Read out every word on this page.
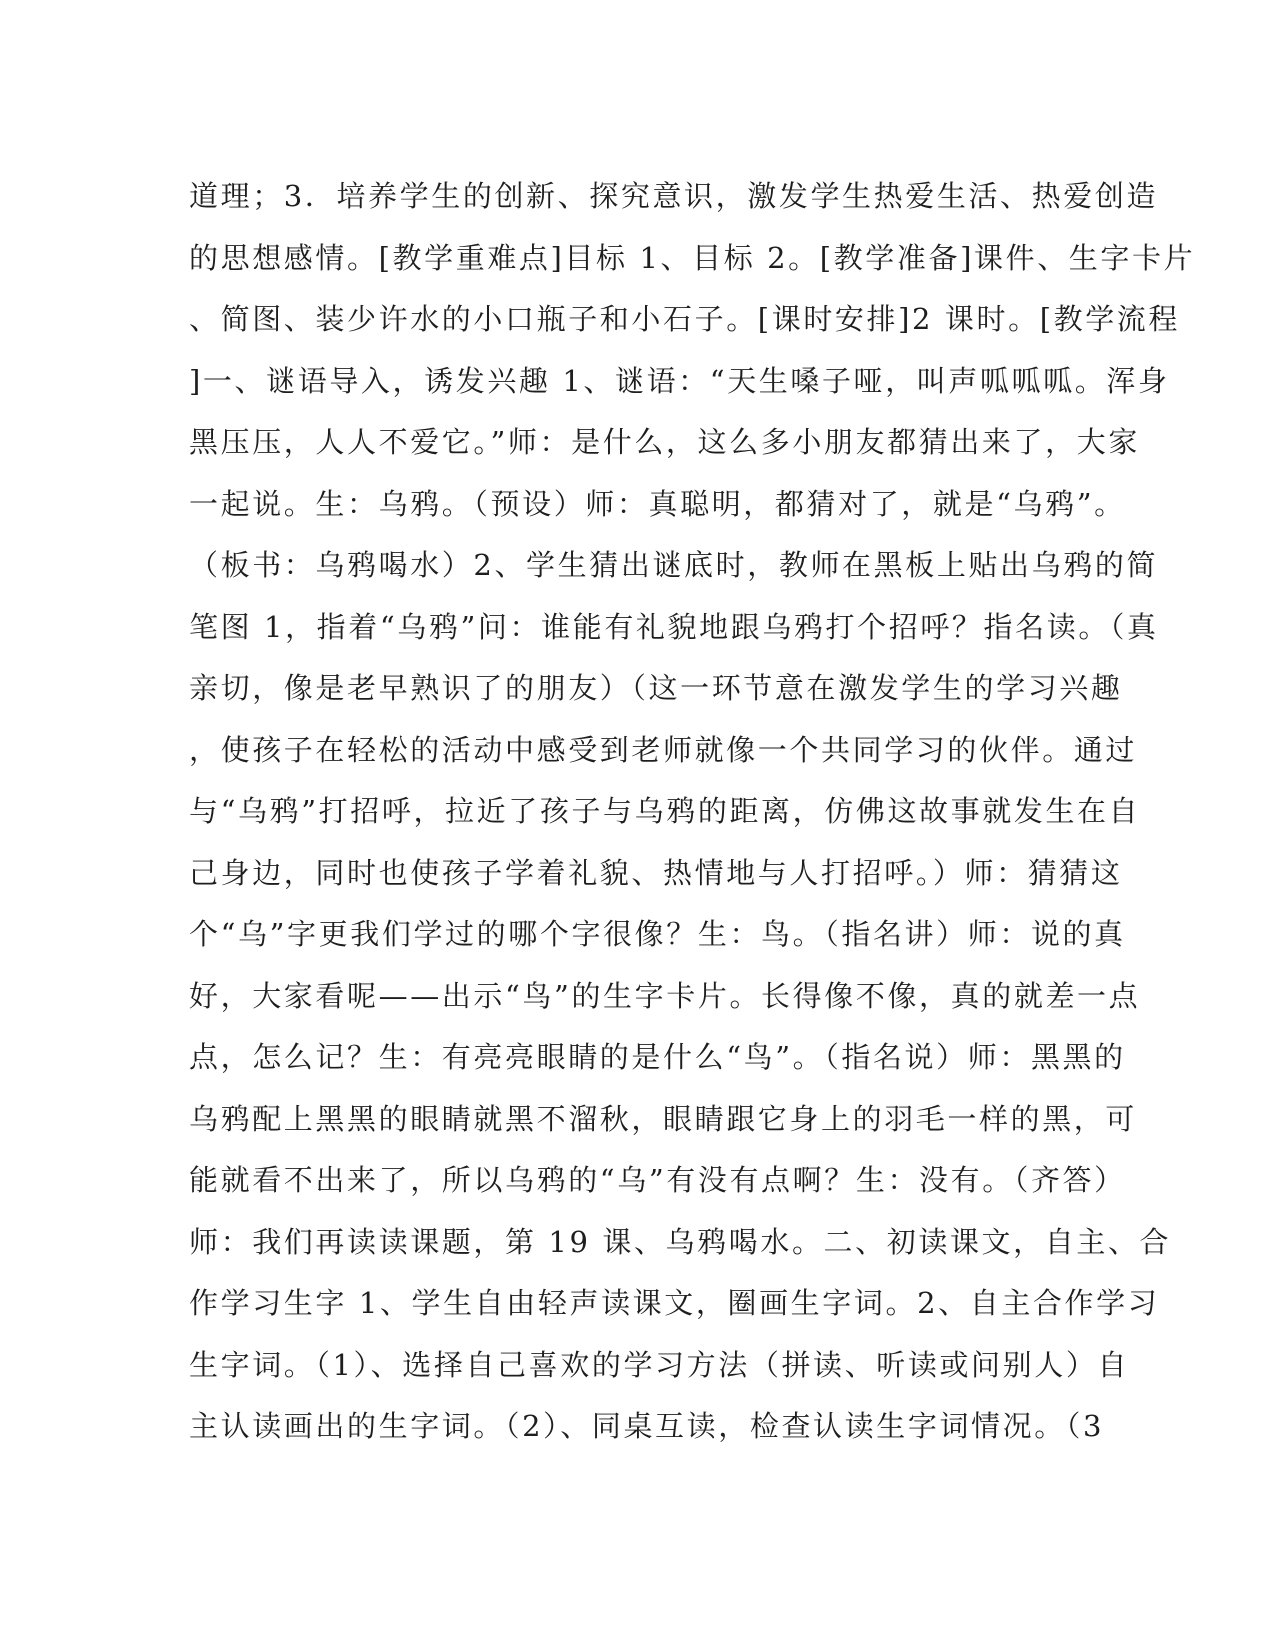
道理；3．培养学生的创新、探究意识，激发学生热爱生活、热爱创造
的思想感情。[教学重难点]目标 1、目标 2。[教学准备]课件、生字卡片
、简图、装少许水的小口瓶子和小石子。[课时安排]2 课时。[教学流程
]一、谜语导入，诱发兴趣 1、谜语：“天生嗓子哑，叫声呱呱呱。浑身
黑压压，人人不爱它。”师：是什么，这么多小朋友都猜出来了，大家
一起说。生：乌鸦。（预设）师：真聪明，都猜对了，就是“乌鸦”。
（板书：乌鸦喝水）2、学生猜出谜底时，教师在黑板上贴出乌鸦的简
笔图 1，指着“乌鸦”问：谁能有礼貌地跟乌鸦打个招呼？指名读。（真
亲切，像是老早熟识了的朋友）（这一环节意在激发学生的学习兴趣
，使孩子在轻松的活动中感受到老师就像一个共同学习的伙伴。通过
与“乌鸦”打招呼，拉近了孩子与乌鸦的距离，仿佛这故事就发生在自
己身边，同时也使孩子学着礼貌、热情地与人打招呼。）师：猜猜这
个“乌”字更我们学过的哪个字很像？生：鸟。（指名讲）师：说的真
好，大家看呢——出示“鸟”的生字卡片。长得像不像，真的就差一点
点，怎么记？生：有亮亮眼睛的是什么“鸟”。（指名说）师：黑黑的
乌鸦配上黑黑的眼睛就黑不溜秋，眼睛跟它身上的羽毛一样的黑，可
能就看不出来了，所以乌鸦的“乌”有没有点啊？生：没有。（齐答）
师：我们再读读课题，第 19 课、乌鸦喝水。二、初读课文，自主、合
作学习生字 1、学生自由轻声读课文，圈画生字词。2、自主合作学习
生字词。（1）、选择自己喜欢的学习方法（拼读、听读或问别人）自
主认读画出的生字词。（2）、同桌互读，检查认读生字词情况。（3
